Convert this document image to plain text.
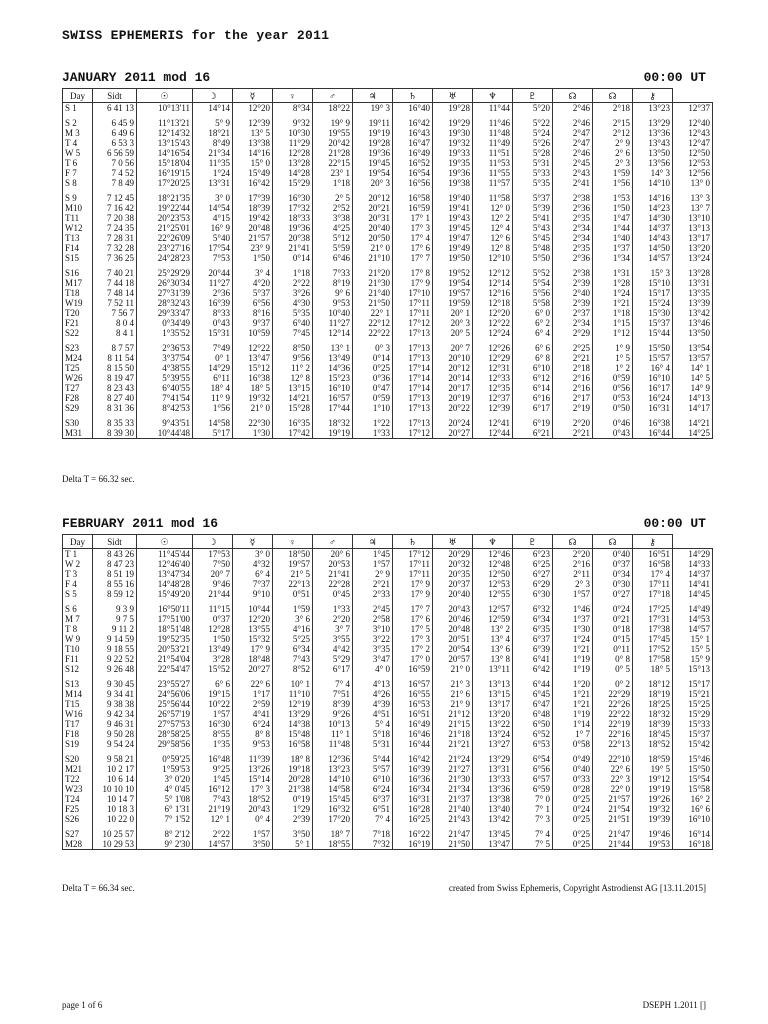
SWISS EPHEMERIS for the year 2011
JANUARY 2011 mod 16	00:00 UT
Day	Sidt	☉	☽	☿	♀	♂	♃	♄	♅	♆	♇	☊	☊	⚷	
S 1	6 41 13	10°13'11	14°14	12°20	8°34	18°22	19° 3	16°40	19°28	11°44	5°20	2°46	2°18	13°23	12°37

S 2	6 45 9	11°13'21	5° 9	12°39	9°32	19° 9	19°11	16°42	19°29	11°46	5°22	2°46	2°15	13°29	12°40
M 3	6 49 6	12°14'32	18°21	13° 5	10°30	19°55	19°19	16°43	19°30	11°48	5°24	2°47	2°12	13°36	12°43
T 4	6 53 3	13°15'43	8°49	13°38	11°29	20°42	19°28	16°47	19°32	11°49	5°26	2°47	2° 9	13°43	12°47
W 5	6 56 59	14°16'54	21°34	14°16	12°28	21°28	19°36	16°49	19°33	11°51	5°28	2°46	2° 6	13°50	12°50
T 6	7 0 56	15°18'04	11°35	15° 0	13°28	22°15	19°45	16°52	19°35	11°53	5°31	2°45	2° 3	13°56	12°53
F 7	7 4 52	16°19'15	1°24	15°49	14°28	23° 1	19°54	16°54	19°36	11°55	5°33	2°43	1°59	14° 3	12°56
S 8	7 8 49	17°20'25	13°31	16°42	15°29	1°18	20° 3	16°56	19°38	11°57	5°35	2°41	1°56	14°10	13° 0

S 9	7 12 45	18°21'35	3° 0	17°39	16°30	2° 5	20°12	16°58	19°40	11°58	5°37	2°38	1°53	14°16	13° 3
M10	7 16 42	19°22'44	14°54	18°39	17°32	2°52	20°21	16°59	19°41	12° 0	5°39	2°36	1°50	14°23	13° 7
T11	7 20 38	20°23'53	4°15	19°42	18°33	3°38	20°31	17° 1	19°43	12° 2	5°41	2°35	1°47	14°30	13°10
W12	7 24 35	21°25'01	16° 9	20°48	19°36	4°25	20°40	17° 3	19°45	12° 4	5°43	2°34	1°44	14°37	13°13
T13	7 28 31	22°26'09	5°40	21°57	20°38	5°12	20°50	17° 4	19°47	12° 6	5°45	2°34	1°40	14°43	13°17
F14	7 32 28	23°27'16	17°54	23° 9	21°41	5°59	21° 0	17° 6	19°49	12° 8	5°48	2°35	1°37	14°50	13°20
S15	7 36 25	24°28'23	7°53	1°50	0°14	6°46	21°10	17° 7	19°50	12°10	5°50	2°36	1°34	14°57	13°24

S16	7 40 21	25°29'29	20°44	3° 4	1°18	7°33	21°20	17° 8	19°52	12°12	5°52	2°38	1°31	15° 3	13°28
M17	7 44 18	26°30'34	11°27	4°20	2°22	8°19	21°30	17° 9	19°54	12°14	5°54	2°39	1°28	15°10	13°31
T18	7 48 14	27°31'39	2°36	5°37	3°26	9° 6	21°40	17°10	19°57	12°16	5°56	2°40	1°24	15°17	13°35
W19	7 52 11	28°32'43	16°39	6°56	4°30	9°53	21°50	17°11	19°59	12°18	5°58	2°39	1°21	15°24	13°39
T20	7 56 7	29°33'47	8°33	8°16	5°35	10°40	22° 1	17°11	20° 1	12°20	6° 0	2°37	1°18	15°30	13°42
F21	8 0 4	0°34'49	0°43	9°37	6°40	11°27	22°12	17°12	20° 3	12°22	6° 2	2°34	1°15	15°37	13°46
S22	8 4 1	1°35'52	15°31	10°59	7°45	12°14	22°22	17°13	20° 5	12°24	6° 4	2°29	1°12	15°44	13°50

S23	8 7 57	2°36'53	7°49	12°22	8°50	13° 1	0° 3	17°13	20° 7	12°26	6° 6	2°25	1° 9	15°50	13°54
M24	8 11 54	3°37'54	0° 1	13°47	9°56	13°49	0°14	17°13	20°10	12°29	6° 8	2°21	1° 5	15°57	13°57
T25	8 15 50	4°38'55	14°29	15°12	11° 2	14°36	0°25	17°14	20°12	12°31	6°10	2°18	1° 2	16° 4	14° 1
W26	8 19 47	5°39'55	6°11	16°38	12° 8	15°23	0°36	17°14	20°14	12°33	6°12	2°16	0°59	16°10	14° 5
T27	8 23 43	6°40'55	18° 4	18° 5	13°15	16°10	0°47	17°14	20°17	12°35	6°14	2°16	0°56	16°17	14° 9
F28	8 27 40	7°41'54	11° 9	19°32	14°21	16°57	0°59	17°13	20°19	12°37	6°16	2°17	0°53	16°24	14°13
S29	8 31 36	8°42'53	1°56	21° 0	15°28	17°44	1°10	17°13	20°22	12°39	6°17	2°19	0°50	16°31	14°17

S30	8 35 33	9°43'51	14°58	22°30	16°35	18°32	1°22	17°13	20°24	12°41	6°19	2°20	0°46	16°38	14°21
M31	8 39 30	10°44'48	5°17	1°30	17°42	19°19	1°33	17°12	20°27	12°44	6°21	2°21	0°43	16°44	14°25
Delta T = 66.32 sec.
FEBRUARY 2011 mod 16	00:00 UT
Day	Sidt	☉	☽	☿	♀	♂	♃	♄	♅	♆	♇	☊	☊	⚷	
T 1	8 43 26	11°45'44	17°53	3° 0	18°50	20° 6	1°45	17°12	20°29	12°46	6°23	2°20	0°40	16°51	14°29
W 2	8 47 23	12°46'40	7°50	4°32	19°57	20°53	1°57	17°11	20°32	12°48	6°25	2°16	0°37	16°58	14°33
T 3	8 51 19	13°47'34	20° 7	6° 4	21° 5	21°41	2° 9	17°11	20°35	12°50	6°27	2°11	0°34	17° 4	14°37
F 4	8 55 16	14°48'28	9°46	7°37	22°13	22°28	2°21	17° 9	20°37	12°53	6°29	2° 3	0°30	17°11	14°41
S 5	8 59 12	15°49'20	21°44	9°10	0°51	0°45	2°33	17° 9	20°40	12°55	6°30	1°57	0°27	17°18	14°45

S 6	9 3 9	16°50'11	11°15	10°44	1°59	1°33	2°45	17° 7	20°43	12°57	6°32	1°46	0°24	17°25	14°49
M 7	9 7 5	17°51'00	0°37	12°20	3° 6	2°20	2°58	17° 6	20°46	12°59	6°34	1°37	0°21	17°31	14°53
T 8	9 11 2	18°51'48	12°28	13°55	4°16	3° 7	3°10	17° 5	20°48	13° 2	6°35	1°30	0°18	17°38	14°57
W 9	9 14 59	19°52'35	1°50	15°32	5°25	3°55	3°22	17° 3	20°51	13° 4	6°37	1°24	0°15	17°45	15° 1
T10	9 18 55	20°53'21	13°49	17° 9	6°34	4°42	3°35	17° 2	20°54	13° 6	6°39	1°21	0°11	17°52	15° 5
F11	9 22 52	21°54'04	3°28	18°48	7°43	5°29	3°47	17° 0	20°57	13° 8	6°41	1°19	0° 8	17°58	15° 9
S12	9 26 48	22°54'47	15°52	20°27	8°52	6°17	4° 0	16°59	21° 0	13°11	6°42	1°19	0° 5	18° 5	15°13

S13	9 30 45	23°55'27	6° 6	22° 6	10° 1	7° 4	4°13	16°57	21° 3	13°13	6°44	1°20	0° 2	18°12	15°17
M14	9 34 41	24°56'06	19°15	1°17	11°10	7°51	4°26	16°55	21° 6	13°15	6°45	1°21	22°29	18°19	15°21
T15	9 38 38	25°56'44	10°22	2°59	12°19	8°39	4°39	16°53	21° 9	13°17	6°47	1°21	22°26	18°25	15°25
W16	9 42 34	26°57'19	1°57	4°41	13°29	9°26	4°51	16°51	21°12	13°20	6°48	1°19	22°22	18°32	15°29
T17	9 46 31	27°57'53	16°30	6°24	14°38	10°13	5° 4	16°49	21°15	13°22	6°50	1°14	22°19	18°39	15°33
F18	9 50 28	28°58'25	8°55	8° 8	15°48	11° 1	5°18	16°46	21°18	13°24	6°52	1° 7	22°16	18°45	15°37
S19	9 54 24	29°58'56	1°35	9°53	16°58	11°48	5°31	16°44	21°21	13°27	6°53	0°58	22°13	18°52	15°42

S20	9 58 21	0°59'25	16°48	11°39	18° 8	12°36	5°44	16°42	21°24	13°29	6°54	0°49	22°10	18°59	15°46
M21	10 2 17	1°59'53	9°25	13°26	19°18	13°23	5°57	16°39	21°27	13°31	6°56	0°40	22° 6	19° 5	15°50
T22	10 6 14	3° 0'20	1°45	15°14	20°28	14°10	6°10	16°36	21°30	13°33	6°57	0°33	22° 3	19°12	15°54
W23	10 10 10	4° 0'45	16°12	17° 3	21°38	14°58	6°24	16°34	21°34	13°36	6°59	0°28	22° 0	19°19	15°58
T24	10 14 7	5° 1'08	7°43	18°52	0°19	15°45	6°37	16°31	21°37	13°38	7° 0	0°25	21°57	19°26	16° 2
F25	10 18 3	6° 1'31	21°19	20°43	1°29	16°32	6°51	16°28	21°40	13°40	7° 1	0°24	21°54	19°32	16° 6
S26	10 22 0	7° 1'52	12° 1	0° 4	2°39	17°20	7° 4	16°25	21°43	13°42	7° 3	0°25	21°51	19°39	16°10

S27	10 25 57	8° 2'12	2°22	1°57	3°50	18° 7	7°18	16°22	21°47	13°45	7° 4	0°25	21°47	19°46	16°14
M28	10 29 53	9° 2'30	14°57	3°50	5° 1	18°55	7°32	16°19	21°50	13°47	7° 5	0°25	21°44	19°53	16°18
Delta T = 66.34 sec.	created from Swiss Ephemeris, Copyright Astrodienst AG [13.11.2015]
page 1 of 6	DSEPH 1.2011 []
